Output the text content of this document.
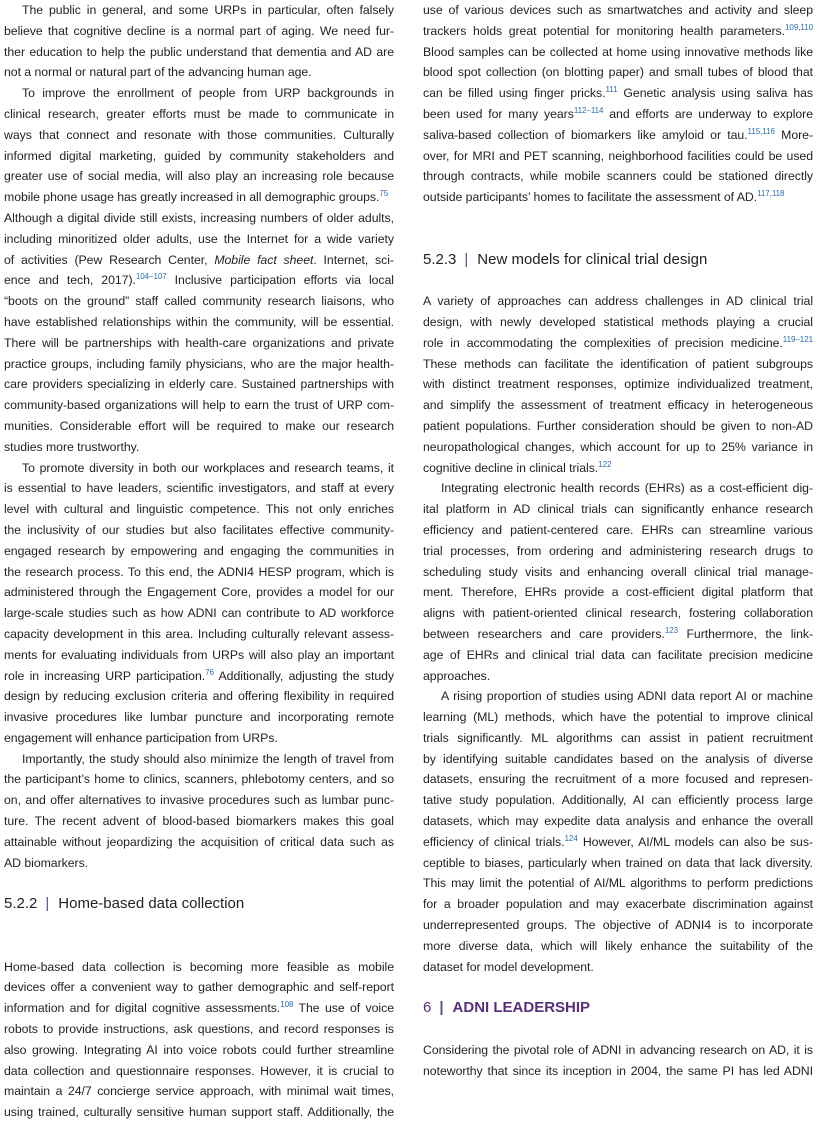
The public in general, and some URPs in particular, often falsely
believe that cognitive decline is a normal part of aging. We need fur-
ther education to help the public understand that dementia and AD are
not a normal or natural part of the advancing human age.
To improve the enrollment of people from URP backgrounds in
clinical research, greater efforts must be made to communicate in
ways that connect and resonate with those communities. Culturally
informed digital marketing, guided by community stakeholders and
greater use of social media, will also play an increasing role because
mobile phone usage has greatly increased in all demographic groups.$^{75}$
Although a digital divide still exists, increasing numbers of older adults,
including minoritized older adults, use the Internet for a wide variety
of activities (Pew Research Center, Mobile fact sheet. Internet, sci-
ence and tech, 2017).$^{104-107}$ Inclusive participation efforts via local
“boots on the ground” staff called community research liaisons, who
have established relationships within the community, will be essential.
There will be partnerships with health-care organizations and private
practice groups, including family physicians, who are the major health-
care providers specializing in elderly care. Sustained partnerships with
community-based organizations will help to earn the trust of URP com-
munities. Considerable effort will be required to make our research
studies more trustworthy.
To promote diversity in both our workplaces and research teams, it
is essential to have leaders, scientific investigators, and staff at every
level with cultural and linguistic competence. This not only enriches
the inclusivity of our studies but also facilitates effective community-
engaged research by empowering and engaging the communities in
the research process. To this end, the ADNI4 HESP program, which is
administered through the Engagement Core, provides a model for our
large-scale studies such as how ADNI can contribute to AD workforce
capacity development in this area. Including culturally relevant assess-
ments for evaluating individuals from URPs will also play an important
role in increasing URP participation.$^{76}$ Additionally, adjusting the study
design by reducing exclusion criteria and offering flexibility in required
invasive procedures like lumbar puncture and incorporating remote
engagement will enhance participation from URPs.
Importantly, the study should also minimize the length of travel from
the participant’s home to clinics, scanners, phlebotomy centers, and so
on, and offer alternatives to invasive procedures such as lumbar punc-
ture. The recent advent of blood-based biomarkers makes this goal
attainable without jeopardizing the acquisition of critical data such as
AD biomarkers.
5.2.2 | Home-based data collection
Home-based data collection is becoming more feasible as mobile
devices offer a convenient way to gather demographic and self-report
information and for digital cognitive assessments.$^{108}$ The use of voice
robots to provide instructions, ask questions, and record responses is
also growing. Integrating AI into voice robots could further streamline
data collection and questionnaire responses. However, it is crucial to
maintain a 24/7 concierge service approach, with minimal wait times,
using trained, culturally sensitive human support staff. Additionally, the
use of various devices such as smartwatches and activity and sleep
trackers holds great potential for monitoring health parameters.$^{109,110}$
Blood samples can be collected at home using innovative methods like
blood spot collection (on blotting paper) and small tubes of blood that
can be filled using finger pricks.$^{111}$ Genetic analysis using saliva has
been used for many years$^{112-114}$ and efforts are underway to explore
saliva-based collection of biomarkers like amyloid or tau.$^{115,116}$ More-
over, for MRI and PET scanning, neighborhood facilities could be used
through contracts, while mobile scanners could be stationed directly
outside participants’ homes to facilitate the assessment of AD.$^{117,118}$
5.2.3 | New models for clinical trial design
A variety of approaches can address challenges in AD clinical trial
design, with newly developed statistical methods playing a crucial
role in accommodating the complexities of precision medicine.$^{119-121}$
These methods can facilitate the identification of patient subgroups
with distinct treatment responses, optimize individualized treatment,
and simplify the assessment of treatment efficacy in heterogeneous
patient populations. Further consideration should be given to non-AD
neuropathological changes, which account for up to 25% variance in
cognitive decline in clinical trials.$^{122}$
Integrating electronic health records (EHRs) as a cost-efficient dig-
ital platform in AD clinical trials can significantly enhance research
efficiency and patient-centered care. EHRs can streamline various
trial processes, from ordering and administering research drugs to
scheduling study visits and enhancing overall clinical trial manage-
ment. Therefore, EHRs provide a cost-efficient digital platform that
aligns with patient-oriented clinical research, fostering collaboration
between researchers and care providers.$^{123}$ Furthermore, the link-
age of EHRs and clinical trial data can facilitate precision medicine
approaches.
A rising proportion of studies using ADNI data report AI or machine
learning (ML) methods, which have the potential to improve clinical
trials significantly. ML algorithms can assist in patient recruitment
by identifying suitable candidates based on the analysis of diverse
datasets, ensuring the recruitment of a more focused and represen-
tative study population. Additionally, AI can efficiently process large
datasets, which may expedite data analysis and enhance the overall
efficiency of clinical trials.$^{124}$ However, AI/ML models can also be sus-
ceptible to biases, particularly when trained on data that lack diversity.
This may limit the potential of AI/ML algorithms to perform predictions
for a broader population and may exacerbate discrimination against
underrepresented groups. The objective of ADNI4 is to incorporate
more diverse data, which will likely enhance the suitability of the
dataset for model development.
6 | ADNI LEADERSHIP
Considering the pivotal role of ADNI in advancing research on AD, it is
noteworthy that since its inception in 2004, the same PI has led ADNI
